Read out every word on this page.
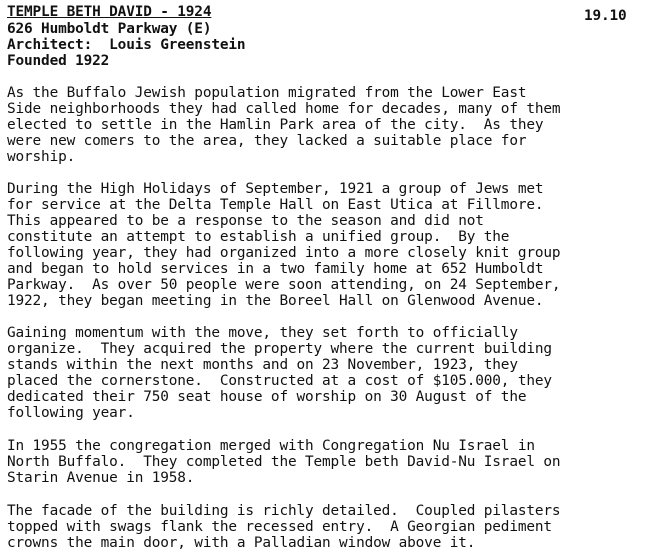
TEMPLE BETH DAVID - 1924	19.10
626 Humboldt Parkway (E)
Architect:  Louis Greenstein
Founded 1922
As the Buffalo Jewish population migrated from the Lower East
Side neighborhoods they had called home for decades, many of them
elected to settle in the Hamlin Park area of the city.  As they
were new comers to the area, they lacked a suitable place for
worship.
During the High Holidays of September, 1921 a group of Jews met
for service at the Delta Temple Hall on East Utica at Fillmore.
This appeared to be a response to the season and did not
constitute an attempt to establish a unified group.  By the
following year, they had organized into a more closely knit group
and began to hold services in a two family home at 652 Humboldt
Parkway.  As over 50 people were soon attending, on 24 September,
1922, they began meeting in the Boreel Hall on Glenwood Avenue.
Gaining momentum with the move, they set forth to officially
organize.  They acquired the property where the current building
stands within the next months and on 23 November, 1923, they
placed the cornerstone.  Constructed at a cost of $105.000, they
dedicated their 750 seat house of worship on 30 August of the
following year.
In 1955 the congregation merged with Congregation Nu Israel in
North Buffalo.  They completed the Temple beth David-Nu Israel on
Starin Avenue in 1958.
The facade of the building is richly detailed.  Coupled pilasters
topped with swags flank the recessed entry.  A Georgian pediment
crowns the main door, with a Palladian window above it.
